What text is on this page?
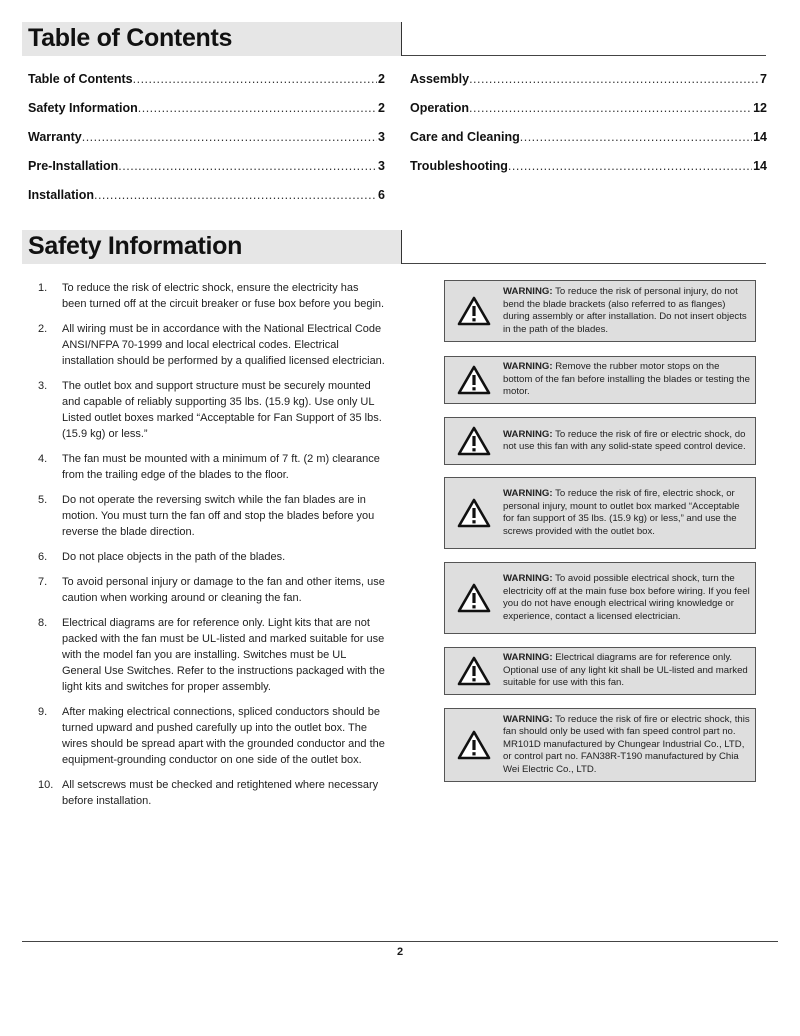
Table of Contents
Table of Contents .....	2
Safety Information .....	2
Warranty .....	3
Pre-Installation .....	3
Installation .....	6
Assembly .....	7
Operation .....	12
Care and Cleaning .....	14
Troubleshooting .....	14
Safety Information
1.	To reduce the risk of electric shock, ensure the electricity has been turned off at the circuit breaker or fuse box before you begin.
2.	All wiring must be in accordance with the National Electrical Code ANSI/NFPA 70-1999 and local electrical codes. Electrical installation should be performed by a qualified licensed electrician.
3.	The outlet box and support structure must be securely mounted and capable of reliably supporting 35 lbs. (15.9 kg). Use only UL Listed outlet boxes marked “Acceptable for Fan Support of 35 lbs. (15.9 kg) or less.”
4.	The fan must be mounted with a minimum of 7 ft. (2 m) clearance from the trailing edge of the blades to the floor.
5.	Do not operate the reversing switch while the fan blades are in motion. You must turn the fan off and stop the blades before you reverse the blade direction.
6.	Do not place objects in the path of the blades.
7.	To avoid personal injury or damage to the fan and other items, use caution when working around or cleaning the fan.
8.	Electrical diagrams are for reference only. Light kits that are not packed with the fan must be UL-listed and marked suitable for use with the model fan you are installing. Switches must be UL General Use Switches. Refer to the instructions packaged with the light kits and switches for proper assembly.
9.	After making electrical connections, spliced conductors should be turned upward and pushed carefully up into the outlet box. The wires should be spread apart with the grounded conductor and the equipment-grounding conductor on one side of the outlet box.
10. All setscrews must be checked and retightened where necessary before installation.
WARNING: To reduce the risk of personal injury, do not bend the blade brackets (also referred to as flanges) during assembly or after installation. Do not insert objects in the path of the blades.
WARNING: Remove the rubber motor stops on the bottom of the fan before installing the blades or testing the motor.
WARNING: To reduce the risk of fire or electric shock, do not use this fan with any solid-state speed control device.
WARNING: To reduce the risk of fire, electric shock, or personal injury, mount to outlet box marked “Acceptable for fan support of 35 lbs. (15.9 kg) or less,” and use the screws provided with the outlet box.
WARNING: To avoid possible electrical shock, turn the electricity off at the main fuse box before wiring. If you feel you do not have enough electrical wiring knowledge or experience, contact a licensed electrician.
WARNING: Electrical diagrams are for reference only. Optional use of any light kit shall be UL-listed and marked suitable for use with this fan.
WARNING: To reduce the risk of fire or electric shock, this fan should only be used with fan speed control part no. MR101D manufactured by Chungear Industrial Co., LTD, or control part no. FAN38R-T190 manufactured by Chia Wei Electric Co., LTD.
2
